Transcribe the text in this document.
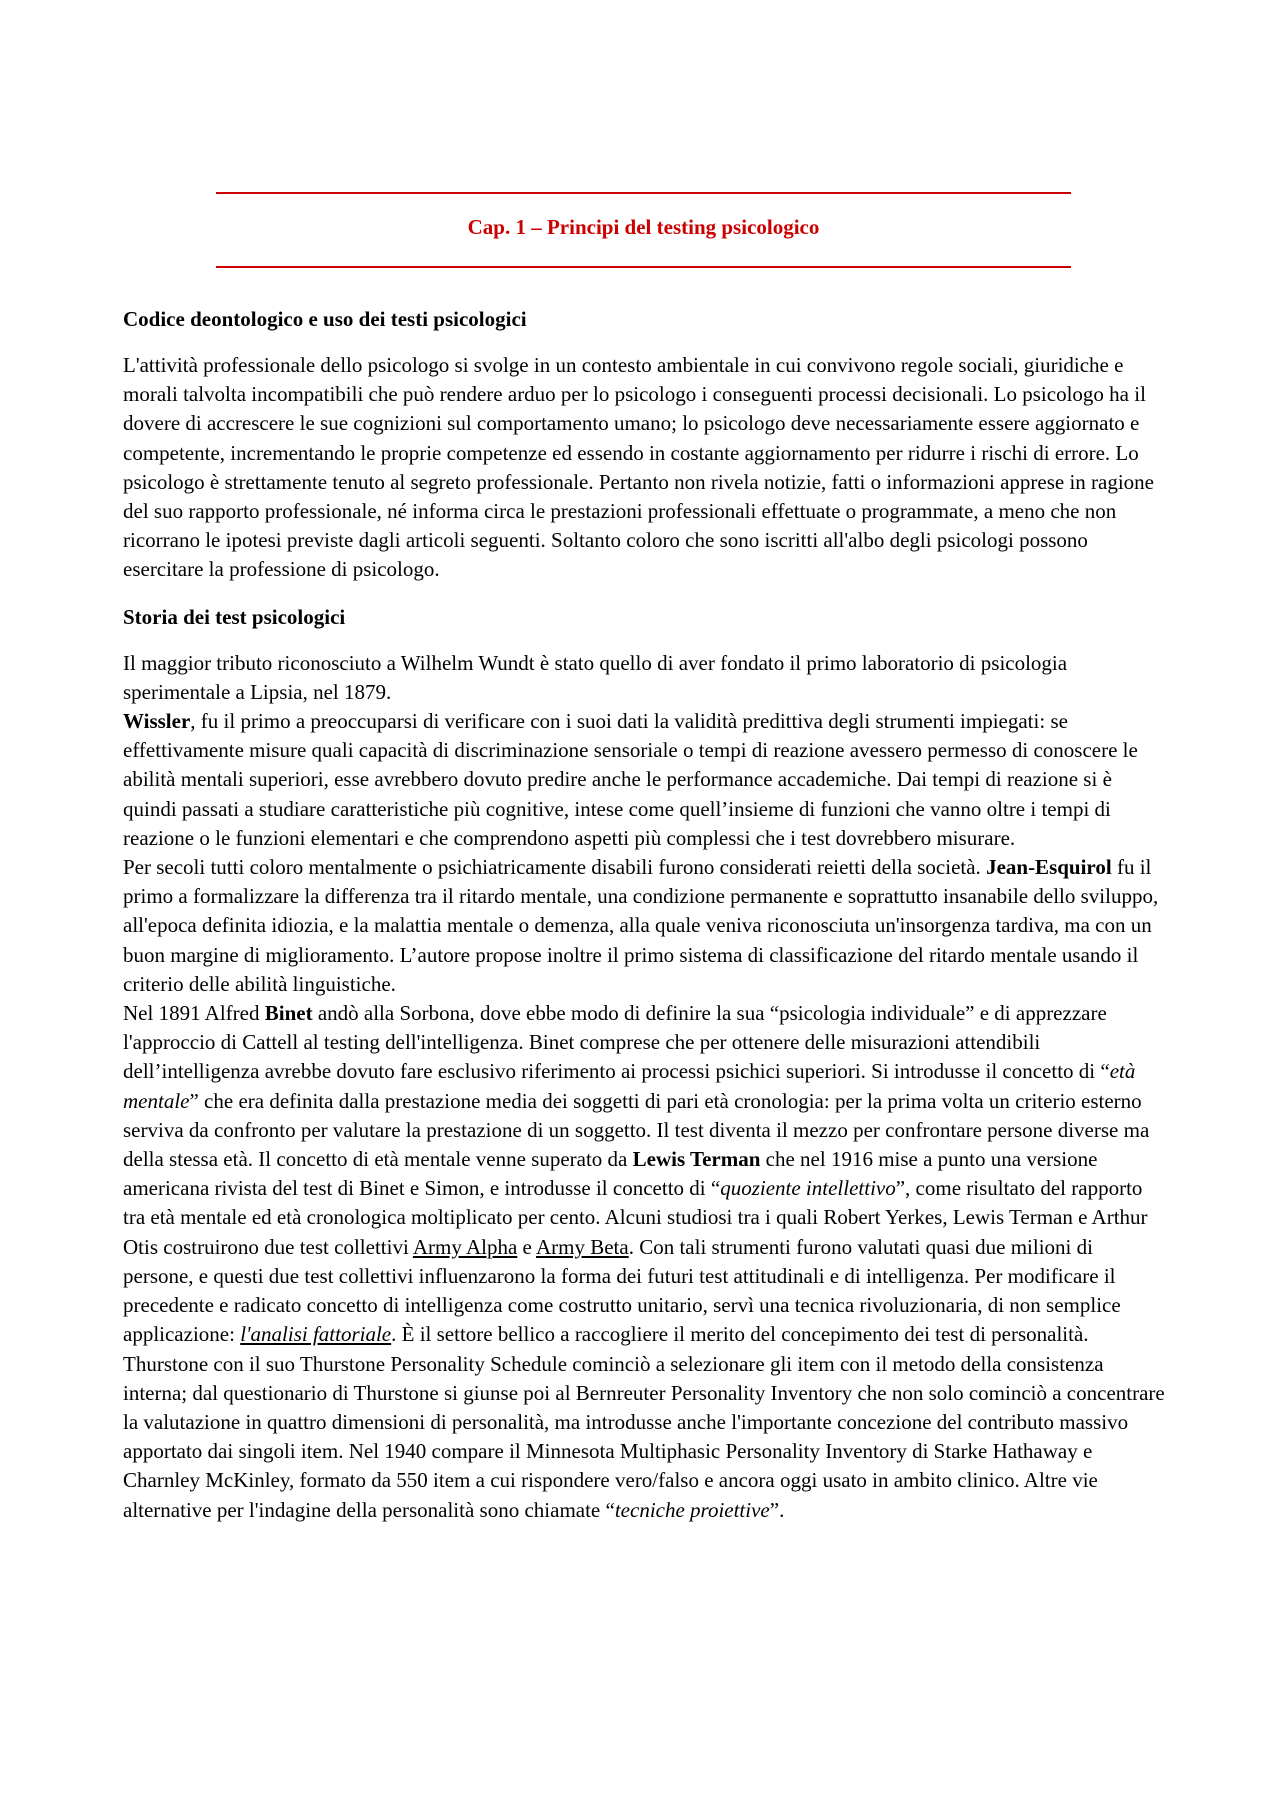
Cap. 1 – Principi del testing psicologico
Codice deontologico e uso dei testi psicologici

L'attività professionale dello psicologo si svolge in un contesto ambientale in cui convivono regole sociali, giuridiche e morali talvolta incompatibili che può rendere arduo per lo psicologo i conseguenti processi decisionali. Lo psicologo ha il dovere di accrescere le sue cognizioni sul comportamento umano; lo psicologo deve necessariamente essere aggiornato e competente, incrementando le proprie competenze ed essendo in costante aggiornamento per ridurre i rischi di errore. Lo psicologo è strettamente tenuto al segreto professionale. Pertanto non rivela notizie, fatti o informazioni apprese in ragione del suo rapporto professionale, né informa circa le prestazioni professionali effettuate o programmate, a meno che non ricorrano le ipotesi previste dagli articoli seguenti. Soltanto coloro che sono iscritti all'albo degli psicologi possono esercitare la professione di psicologo.

Storia dei test psicologici

Il maggior tributo riconosciuto a Wilhelm Wundt è stato quello di aver fondato il primo laboratorio di psicologia sperimentale a Lipsia, nel 1879.

Wissler, fu il primo a preoccuparsi di verificare con i suoi dati la validità predittiva degli strumenti impiegati: se effettivamente misure quali capacità di discriminazione sensoriale o tempi di reazione avessero permesso di conoscere le abilità mentali superiori, esse avrebbero dovuto predire anche le performance accademiche. Dai tempi di reazione si è quindi passati a studiare caratteristiche più cognitive, intese come quell’insieme di funzioni che vanno oltre i tempi di reazione o le funzioni elementari e che comprendono aspetti più complessi che i test dovrebbero misurare.

Per secoli tutti coloro mentalmente o psichiatricamente disabili furono considerati reietti della società. Jean-Esquirol fu il primo a formalizzare la differenza tra il ritardo mentale, una condizione permanente e soprattutto insanabile dello sviluppo, all'epoca definita idiozia, e la malattia mentale o demenza, alla quale veniva riconosciuta un'insorgenza tardiva, ma con un buon margine di miglioramento. L’autore propose inoltre il primo sistema di classificazione del ritardo mentale usando il criterio delle abilità linguistiche.

Nel 1891 Alfred Binet andò alla Sorbona, dove ebbe modo di definire la sua “psicologia individuale” e di apprezzare l'approccio di Cattell al testing dell'intelligenza. Binet comprese che per ottenere delle misurazioni attendibili dell’intelligenza avrebbe dovuto fare esclusivo riferimento ai processi psichici superiori. Si introdusse il concetto di “età mentale” che era definita dalla prestazione media dei soggetti di pari età cronologia: per la prima volta un criterio esterno serviva da confronto per valutare la prestazione di un soggetto. Il test diventa il mezzo per confrontare persone diverse ma della stessa età. Il concetto di età mentale venne superato da Lewis Terman che nel 1916 mise a punto una versione americana rivista del test di Binet e Simon, e introdusse il concetto di “quoziente intellettivo”, come risultato del rapporto tra età mentale ed età cronologica moltiplicato per cento. Alcuni studiosi tra i quali Robert Yerkes, Lewis Terman e Arthur Otis costruirono due test collettivi Army Alpha e Army Beta. Con tali strumenti furono valutati quasi due milioni di persone, e questi due test collettivi influenzarono la forma dei futuri test attitudinali e di intelligenza. Per modificare il precedente e radicato concetto di intelligenza come costrutto unitario, servì una tecnica rivoluzionaria, di non semplice applicazione: l'analisi fattoriale. È il settore bellico a raccogliere il merito del concepimento dei test di personalità. Thurstone con il suo Thurstone Personality Schedule cominciò a selezionare gli item con il metodo della consistenza interna; dal questionario di Thurstone si giunse poi al Bernreuter Personality Inventory che non solo cominciò a concentrare la valutazione in quattro dimensioni di personalità, ma introdusse anche l'importante concezione del contributo massivo apportato dai singoli item. Nel 1940 compare il Minnesota Multiphasic Personality Inventory di Starke Hathaway e Charnley McKinley, formato da 550 item a cui rispondere vero/falso e ancora oggi usato in ambito clinico. Altre vie alternative per l'indagine della personalità sono chiamate “tecniche proiettive”.
